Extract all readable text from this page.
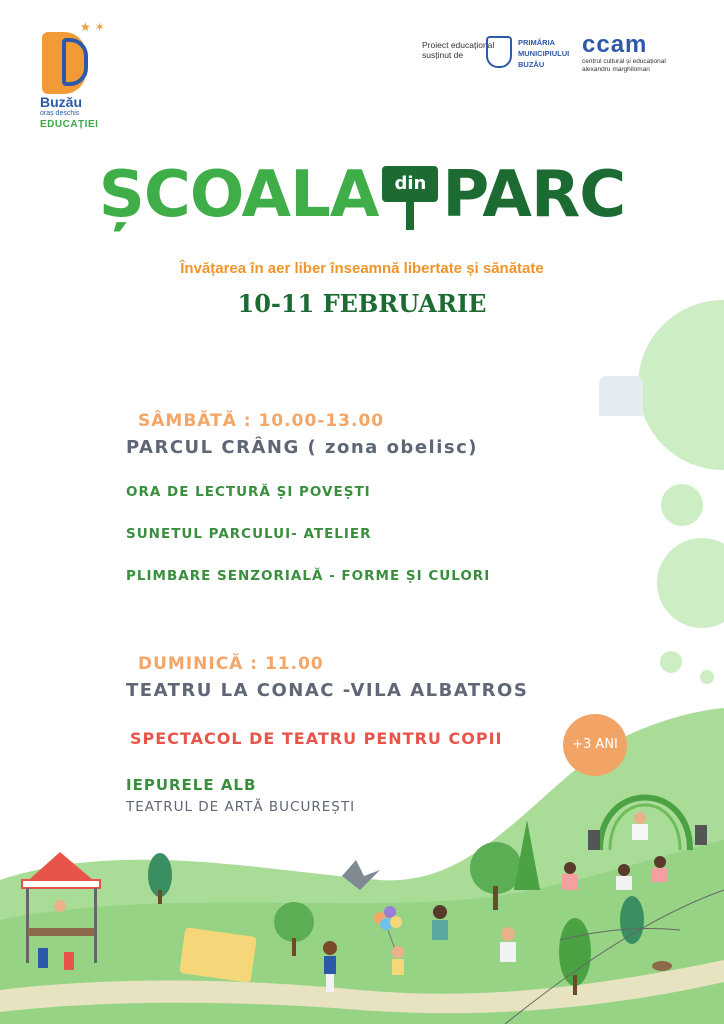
★ ✶
Buzău
oraș deschis
EDUCAȚIEI
Proiect educațional susținut de
PRIMĂRIA
MUNICIPIULUI
BUZĂU
ccam
centrul cultural și educațional
alexandru marghiloman
ȘCOALA din PARC
Învățarea în aer liber înseamnă libertate și sănătate
10-11 FEBRUARIE
SÂMBĂTĂ : 10.00-13.00
PARCUL CRÂNG ( zona obelisc)
ORA DE LECTURĂ ȘI POVEȘTI
SUNETUL PARCULUI- ATELIER
PLIMBARE SENZORIALĂ - FORME ȘI CULORI
DUMINICĂ : 11.00
TEATRU LA CONAC -VILA ALBATROS
SPECTACOL DE TEATRU PENTRU COPII
IEPURELE ALB
TEATRUL DE ARTĂ BUCUREȘTI
+3 ANI
